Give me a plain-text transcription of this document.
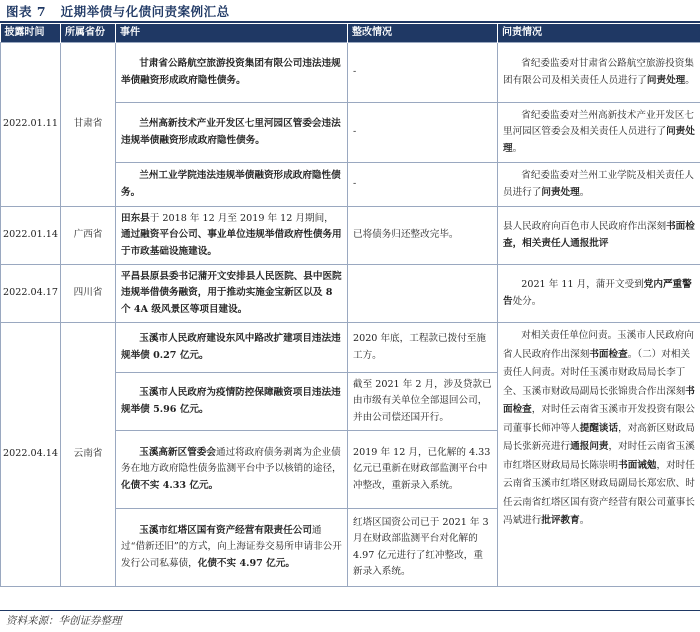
图表 7   近期举债与化债问责案例汇总
披露时间	所属省份	事件	整改情况	问责情况
2022.01.11	甘肃省	甘肃省公路航空旅游投资集团有限公司违法违规举债融资形成政府隐性债务。	-	省纪委监委对甘肃省公路航空旅游投资集团有限公司及相关责任人员进行了问责处理。

		兰州高新技术产业开发区七里河园区管委会违法违规举债融资形成政府隐性债务。	-	省纪委监委对兰州高新技术产业开发区七里河园区管委会及相关责任人员进行了问责处理。

		兰州工业学院违法违规举债融资形成政府隐性债务。	-	省纪委监委对兰州工业学院及相关责任人员进行了问责处理。

2022.01.14	广西省	田东县于 2018 年 12 月至 2019 年 12 月期间，通过融资平台公司、事业单位违规举借政府性债务用于市政基础设施建设。	已将债务归还整改完毕。	县人民政府向百色市人民政府作出深刻书面检查，相关责任人通报批评
2022.04.17	四川省	平昌县原县委书记蒲开文安排县人民医院、县中医院违规举借债务融资，用于推动实施金宝新区以及 8 个 4A 级风景区等项目建设。		2021 年 11 月，蒲开文受到党内严重警告处分。

2022.04.14	云南省	玉溪市人民政府建设东风中路改扩建项目违法违规举债 0.27 亿元。	2020 年底，工程款已拨付至施工方。	对相关责任单位问责。玉溪市人民政府向省人民政府作出深刻书面检查。（二）对相关责任人问责。对时任玉溪市财政局局长李丁全、玉溪市财政局副局长张锦贵合作出深刻书面检查，对时任云南省玉溪市开发投资有限公司董事长师冲等人提醒谈话，对高新区财政局局长张新亮进行通报问责，对时任云南省玉溪市红塔区财政局局长陈崇明书面诫勉，对时任云南省玉溪市红塔区财政局副局长郑宏欣、时任云南省红塔区国有资产经营有限公司董事长冯斌进行批评教育。

		玉溪市人民政府为疫情防控保障融资项目违法违规举债 5.96 亿元。	截至 2021 年 2 月，涉及贷款已由市级有关单位全部退回公司，并由公司偿还国开行。	

		玉溪高新区管委会通过将政府债务剥离为企业债务在地方政府隐性债务监测平台中予以核销的途径，化债不实 4.33 亿元。	2019 年 12 月，已化解的 4.33 亿元已重新在财政部监测平台中冲整改，重新录入系统。	

		玉溪市红塔区国有资产经营有限责任公司通过“借新还旧”的方式，向上海证券交易所申请非公开发行公司私募债，化债不实 4.97 亿元。	红塔区国资公司已于 2021 年 3 月在财政部监测平台对化解的 4.97 亿元进行了红冲整改，重新录入系统。	
资料来源：华创证券整理
